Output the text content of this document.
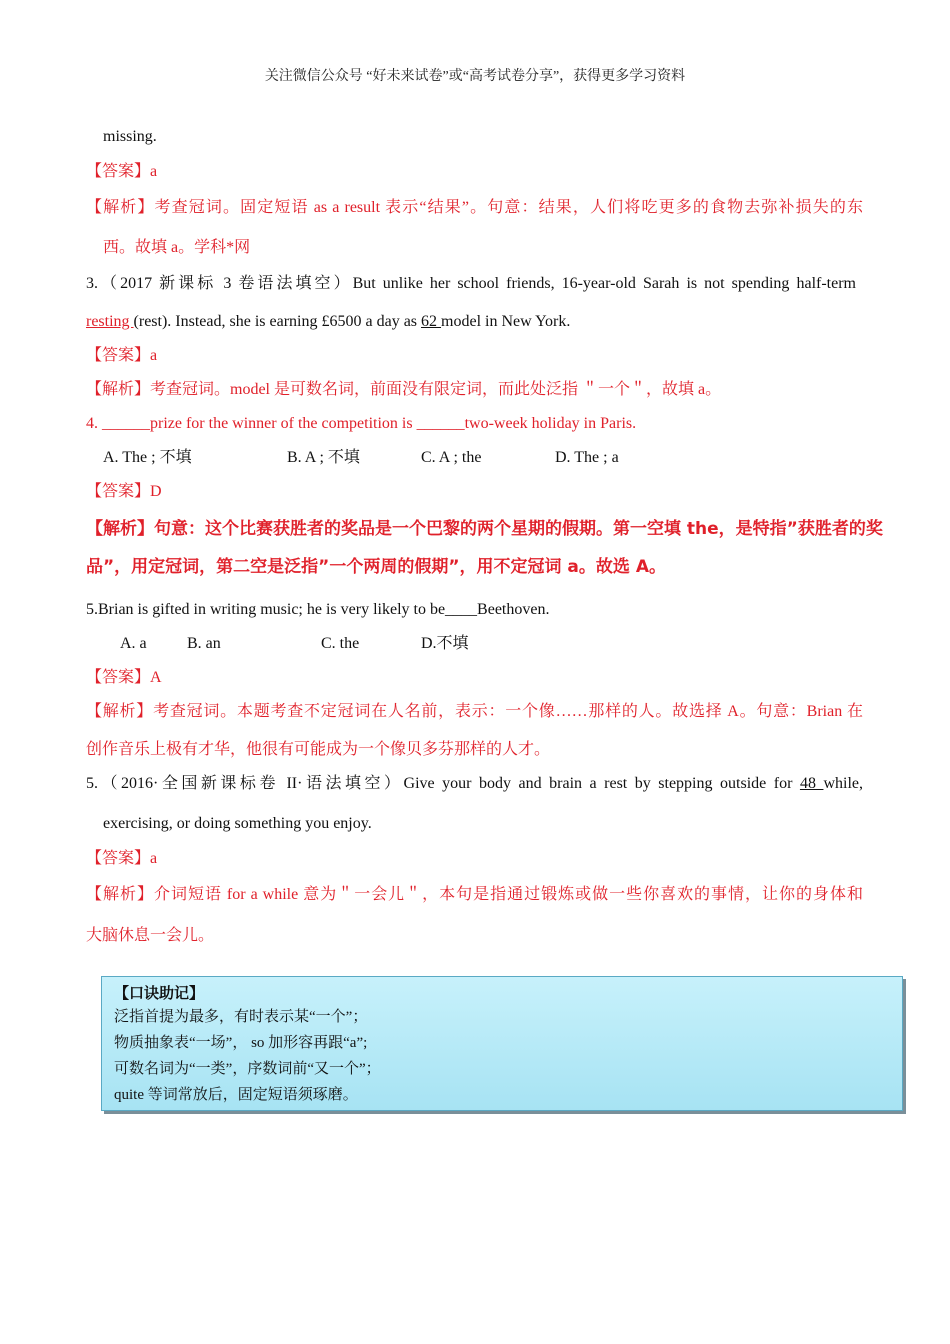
关注微信公众号 “好未来试卷”或“高考试卷分享”，获得更多学习资料
missing.
【答案】a
【解析】考查冠词。固定短语 as a result 表示“结果”。句意：结果，人们将吃更多的食物去弥补损失的东
西。故填 a。学科*网
3.（2017 新课标 3 卷语法填空）But unlike her school friends, 16-year-old Sarah is not spending half-term
resting (rest). Instead, she is earning £6500 a day as 62 model in New York.
【答案】a
【解析】考查冠词。model 是可数名词，前面没有限定词，而此处泛指 ＂一个＂，故填 a。
4. ______prize for the winner of the competition is ______two-week holiday in Paris.
A. The ; 不填	B. A ; 不填	C. A ; the	D. The ; a
【答案】D
【解析】句意：这个比赛获胜者的奖品是一个巴黎的两个星期的假期。第一空填 the，是特指”获胜者的奖
品”，用定冠词，第二空是泛指”一个两周的假期”，用不定冠词 a。故选 A。
5.Brian is gifted in writing music; he is very likely to be____Beethoven.
A. a	B. an	C. the	D.不填
【答案】A
【解析】考查冠词。本题考查不定冠词在人名前，表示：一个像……那样的人。故选择 A。句意：Brian 在
创作音乐上极有才华，他很有可能成为一个像贝多芬那样的人才。
5.（2016·全国新课标卷 II·语法填空）Give your body and brain a rest by stepping outside for 48 while,
exercising, or doing something you enjoy.
【答案】a
【解析】介词短语 for a while 意为＂一会儿＂，本句是指通过锻炼或做一些你喜欢的事情，让你的身体和
大脑休息一会儿。
【口诀助记】
泛指首提为最多，有时表示某“一个”；
物质抽象表“一场”， so 加形容再跟“a”;
可数名词为“一类”，序数词前“又一个”；
quite 等词常放后，固定短语须琢磨。
